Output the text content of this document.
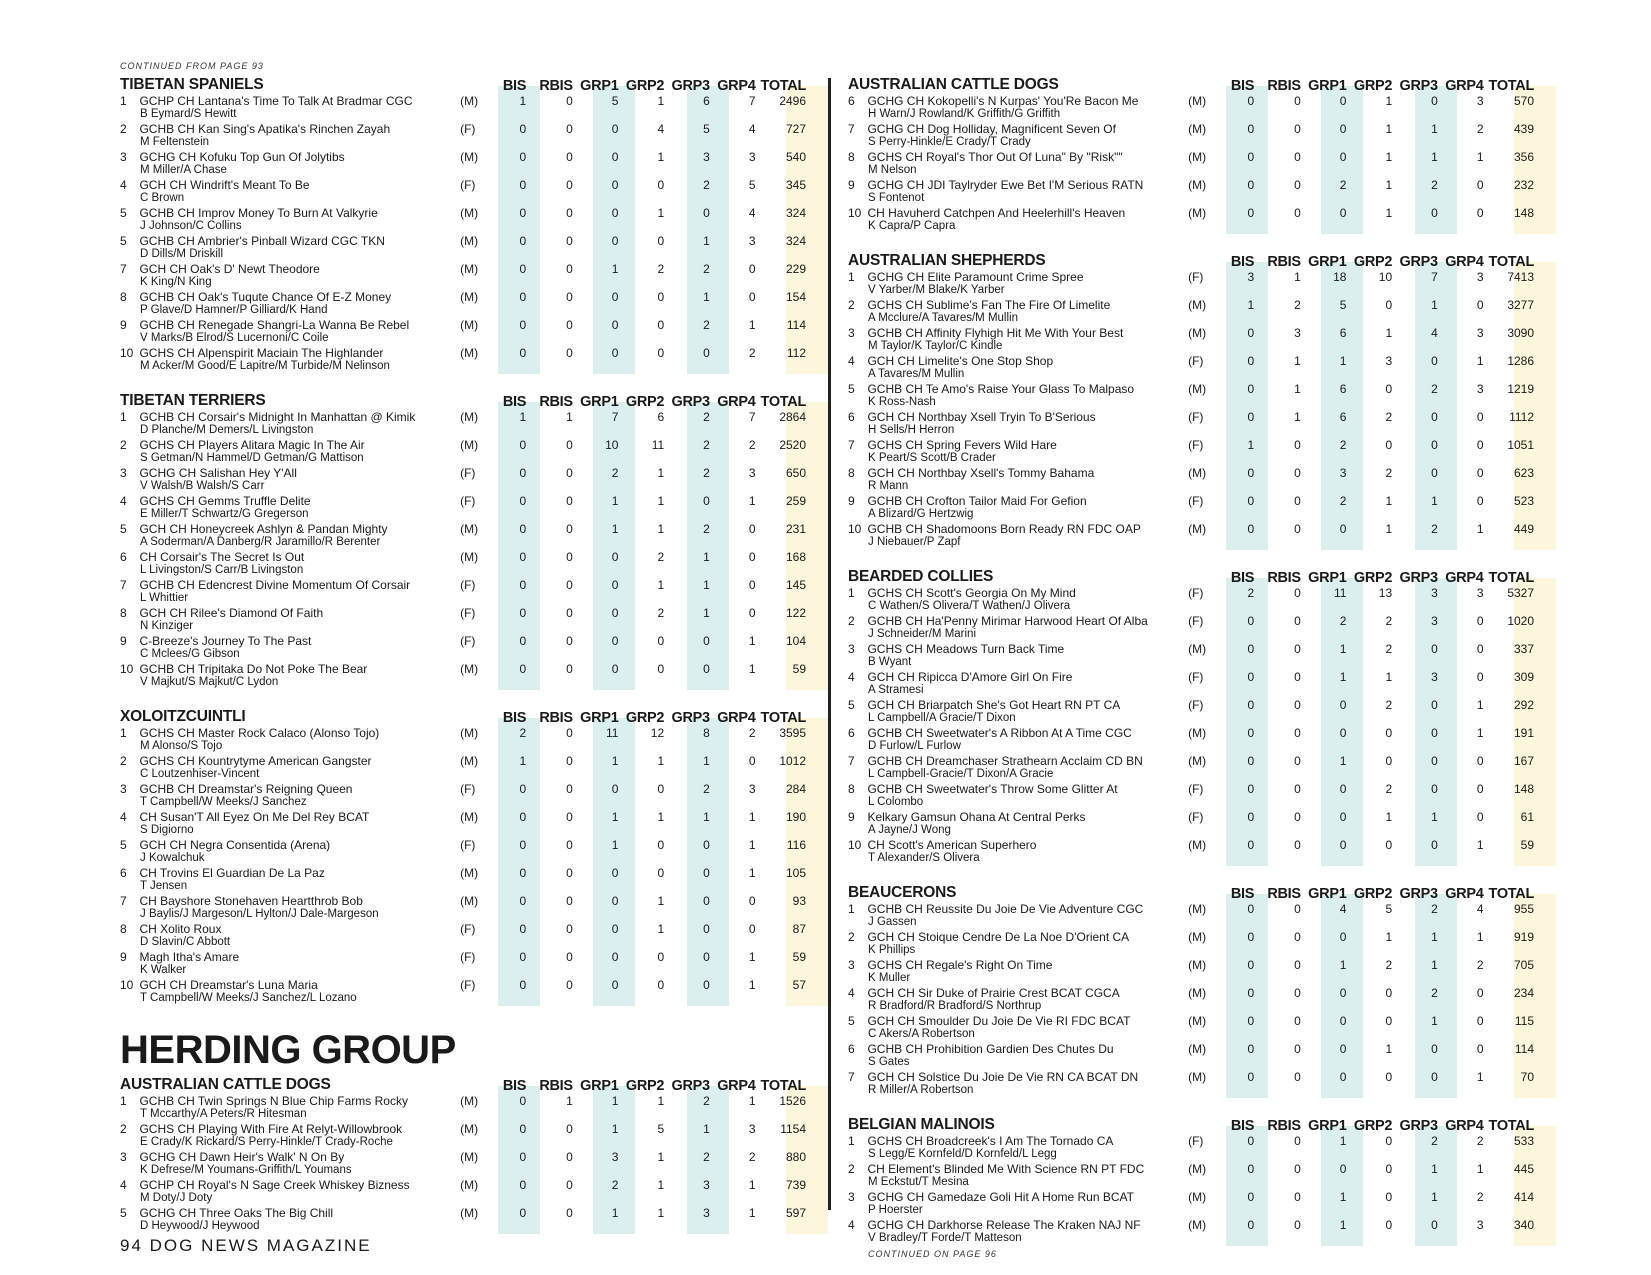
CONTINUED FROM PAGE 93
TIBETAN SPANIELS	BIS RBIS GRP1 GRP2 GRP3 GRP4 TOTAL
1	GCHP CH Lantana's Time To Talk At Bradmar CGC	(M)	1	0	5	1	6	7	2496
B Eymard/S Hewitt
2	GCHB CH Kan Sing's Apatika's Rinchen Zayah	(F)	0	0	0	4	5	4	727
M Feltenstein
3	GCHG CH Kofuku Top Gun Of Jolytibs	(M)	0	0	0	1	3	3	540
M Miller/A Chase
4	GCH CH Windrift's Meant To Be	(F)	0	0	0	0	2	5	345
C Brown
5	GCHB CH Improv Money To Burn At Valkyrie	(M)	0	0	0	1	0	4	324
J Johnson/C Collins
5	GCHB CH Ambrier's Pinball Wizard CGC TKN	(M)	0	0	0	0	1	3	324
D Dills/M Driskill
7	GCH CH Oak's D' Newt Theodore	(M)	0	0	1	2	2	0	229
K King/N King
8	GCHB CH Oak's Tuqute Chance Of E-Z Money	(M)	0	0	0	0	1	0	154
P Glave/D Hamner/P Gilliard/K Hand
9	GCHB CH Renegade Shangri-La Wanna Be Rebel	(M)	0	0	0	0	2	1	114
V Marks/B Elrod/S Lucernoni/C Coile
10 GCHS CH Alpenspirit Maciain The Highlander	(M)	0	0	0	0	0	2	112
M Acker/M Good/E Lapitre/M Turbide/M Nelinson
TIBETAN TERRIERS	BIS RBIS GRP1 GRP2 GRP3 GRP4 TOTAL
1	GCHB CH Corsair's Midnight In Manhattan @ Kimik	(M)	1	1	7	6	2	7	2864
D Planche/M Demers/L Livingston
2	GCHS CH Players Alitara Magic In The Air	(M)	0	0	10	11	2	2	2520
S Getman/N Hammel/D Getman/G Mattison
3	GCHG CH Salishan Hey Y'All	(F)	0	0	2	1	2	3	650
V Walsh/B Walsh/S Carr
4	GCHS CH Gemms Truffle Delite	(F)	0	0	1	1	0	1	259
E Miller/T Schwartz/G Gregerson
5	GCH CH Honeycreek Ashlyn & Pandan Mighty	(M)	0	0	1	1	2	0	231
A Soderman/A Danberg/R Jaramillo/R Berenter
6	CH Corsair's The Secret Is Out	(M)	0	0	0	2	1	0	168
L Livingston/S Carr/B Livingston
7	GCHB CH Edencrest Divine Momentum Of Corsair	(F)	0	0	0	1	1	0	145
L Whittier
8	GCH CH Rilee's Diamond Of Faith	(F)	0	0	0	2	1	0	122
N Kinziger
9	C-Breeze's Journey To The Past	(F)	0	0	0	0	0	1	104
C Mclees/G Gibson
10 GCHB CH Tripitaka Do Not Poke The Bear	(M)	0	0	0	0	0	1	59
V Majkut/S Majkut/C Lydon
XOLOITZCUINTLI	BIS RBIS GRP1 GRP2 GRP3 GRP4 TOTAL
1	GCHS CH Master Rock Calaco (Alonso Tojo)	(M)	2	0	11	12	8	2	3595
M Alonso/S Tojo
2	GCHS CH Kountrytyme American Gangster	(M)	1	0	1	1	1	0	1012
C Loutzenhiser-Vincent
3	GCHB CH Dreamstar's Reigning Queen	(F)	0	0	0	0	2	3	284
T Campbell/W Meeks/J Sanchez
4	CH Susan'T All Eyez On Me Del Rey BCAT	(M)	0	0	1	1	1	1	190
S Digiorno
5	GCH CH Negra Consentida (Arena)	(F)	0	0	1	0	0	1	116
J Kowalchuk
6	CH Trovins El Guardian De La Paz	(M)	0	0	0	0	0	1	105
T Jensen
7	CH Bayshore Stonehaven Heartthrob Bob	(M)	0	0	0	1	0	0	93
J Baylis/J Margeson/L Hylton/J Dale-Margeson
8	CH Xolito Roux	(F)	0	0	0	1	0	0	87
D Slavin/C Abbott
9	Magh Itha's Amare	(F)	0	0	0	0	0	1	59
K Walker
10 GCH CH Dreamstar's Luna Maria	(F)	0	0	0	0	0	1	57
T Campbell/W Meeks/J Sanchez/L Lozano
HERDING GROUP
AUSTRALIAN CATTLE DOGS	BIS RBIS GRP1 GRP2 GRP3 GRP4 TOTAL
1	GCHB CH Twin Springs N Blue Chip Farms Rocky	(M)	0	1	1	1	2	1	1526
T Mccarthy/A Peters/R Hitesman
2	GCHS CH Playing With Fire At Relyt-Willowbrook	(M)	0	0	1	5	1	3	1154
E Crady/K Rickard/S Perry-Hinkle/T Crady-Roche
3	GCHG CH Dawn Heir's Walk' N On By	(M)	0	0	3	1	2	2	880
K Defrese/M Youmans-Griffith/L Youmans
4	GCHP CH Royal's N Sage Creek Whiskey Bizness	(M)	0	0	2	1	3	1	739
M Doty/J Doty
5	GCHG CH Three Oaks The Big Chill	(M)	0	0	1	1	3	1	597
D Heywood/J Heywood
94 DOG NEWS MAGAZINE
AUSTRALIAN CATTLE DOGS	BIS RBIS GRP1 GRP2 GRP3 GRP4 TOTAL
6	GCHG CH Kokopelli's N Kurpas' You'Re Bacon Me	(M)	0	0	0	1	0	3	570
H Warn/J Rowland/K Griffith/G Griffith
7	GCHG CH Dog Holliday, Magnificent Seven Of	(M)	0	0	0	1	1	2	439
S Perry-Hinkle/E Crady/T Crady
8	GCHS CH Royal's Thor Out Of Luna" By "Risk""	(M)	0	0	0	1	1	1	356
M Nelson
9	GCHG CH JDI Taylryder Ewe Bet I'M Serious RATN	(M)	0	0	2	1	2	0	232
S Fontenot
10 CH Havuherd Catchpen And Heelerhill's Heaven	(M)	0	0	0	1	0	0	148
K Capra/P Capra
AUSTRALIAN SHEPHERDS	BIS RBIS GRP1 GRP2 GRP3 GRP4 TOTAL
1	GCHG CH Elite Paramount Crime Spree	(F)	3	1	18	10	7	3	7413
V Yarber/M Blake/K Yarber
2	GCHS CH Sublime's Fan The Fire Of Limelite	(M)	1	2	5	0	1	0	3277
A Mcclure/A Tavares/M Mullin
3	GCHB CH Affinity Flyhigh Hit Me With Your Best	(M)	0	3	6	1	4	3	3090
M Taylor/K Taylor/C Kindle
4	GCH CH Limelite's One Stop Shop	(F)	0	1	1	3	0	1	1286
A Tavares/M Mullin
5	GCHB CH Te Amo's Raise Your Glass To Malpaso	(M)	0	1	6	0	2	3	1219
K Ross-Nash
6	GCH CH Northbay Xsell Tryin To B'Serious	(F)	0	1	6	2	0	0	1112
H Sells/H Herron
7	GCHS CH Spring Fevers Wild Hare	(F)	1	0	2	0	0	0	1051
K Peart/S Scott/B Crader
8	GCH CH Northbay Xsell's Tommy Bahama	(M)	0	0	3	2	0	0	623
R Mann
9	GCHB CH Crofton Tailor Maid For Gefion	(F)	0	0	2	1	1	0	523
A Blizard/G Hertzwig
10 GCHB CH Shadomoons Born Ready RN FDC OAP	(M)	0	0	0	1	2	1	449
J Niebauer/P Zapf
BEARDED COLLIES	BIS RBIS GRP1 GRP2 GRP3 GRP4 TOTAL
1	GCHS CH Scott's Georgia On My Mind	(F)	2	0	11	13	3	3	5327
C Wathen/S Olivera/T Wathen/J Olivera
2	GCHB CH Ha'Penny Mirimar Harwood Heart Of Alba	(F)	0	0	2	2	3	0	1020
J Schneider/M Marini
3	GCHS CH Meadows Turn Back Time	(M)	0	0	1	2	0	0	337
B Wyant
4	GCH CH Ripicca D'Amore Girl On Fire	(F)	0	0	1	1	3	0	309
A Stramesi
5	GCH CH Briarpatch She's Got Heart RN PT CA	(F)	0	0	0	2	0	1	292
L Campbell/A Gracie/T Dixon
6	GCHB CH Sweetwater's A Ribbon At A Time CGC	(M)	0	0	0	0	0	1	191
D Furlow/L Furlow
7	GCHB CH Dreamchaser Strathearn Acclaim CD BN	(M)	0	0	1	0	0	0	167
L Campbell-Gracie/T Dixon/A Gracie
8	GCHB CH Sweetwater's Throw Some Glitter At	(F)	0	0	0	2	0	0	148
L Colombo
9	Kelkary Gamsun Ohana At Central Perks	(F)	0	0	0	1	1	0	61
A Jayne/J Wong
10 CH Scott's American Superhero	(M)	0	0	0	0	0	1	59
T Alexander/S Olivera
BEAUCERONS	BIS RBIS GRP1 GRP2 GRP3 GRP4 TOTAL
1	GCHB CH Reussite Du Joie De Vie Adventure CGC	(M)	0	0	4	5	2	4	955
J Gassen
2	GCH CH Stoique Cendre De La Noe D'Orient CA	(M)	0	0	0	1	1	1	919
K Phillips
3	GCHS CH Regale's Right On Time	(M)	0	0	1	2	1	2	705
K Muller
4	GCH CH Sir Duke of Prairie Crest BCAT CGCA	(M)	0	0	0	0	2	0	234
R Bradford/R Bradford/S Northrup
5	GCH CH Smoulder Du Joie De Vie RI FDC BCAT	(M)	0	0	0	0	1	0	115
C Akers/A Robertson
6	GCHB CH Prohibition Gardien Des Chutes Du	(M)	0	0	0	1	0	0	114
S Gates
7	GCH CH Solstice Du Joie De Vie RN CA BCAT DN	(M)	0	0	0	0	0	1	70
R Miller/A Robertson
BELGIAN MALINOIS	BIS RBIS GRP1 GRP2 GRP3 GRP4 TOTAL
1	GCHS CH Broadcreek's I Am The Tornado CA	(F)	0	0	1	0	2	2	533
S Legg/E Kornfeld/D Kornfeld/L Legg
2	CH Element's Blinded Me With Science RN PT FDC	(M)	0	0	0	0	1	1	445
M Eckstut/T Mesina
3	GCHG CH Gamedaze Goli Hit A Home Run BCAT	(M)	0	0	1	0	1	2	414
P Hoerster
4	GCHG CH Darkhorse Release The Kraken NAJ NF	(M)	0	0	1	0	0	3	340
V Bradley/T Forde/T Matteson
CONTINUED ON PAGE 96
